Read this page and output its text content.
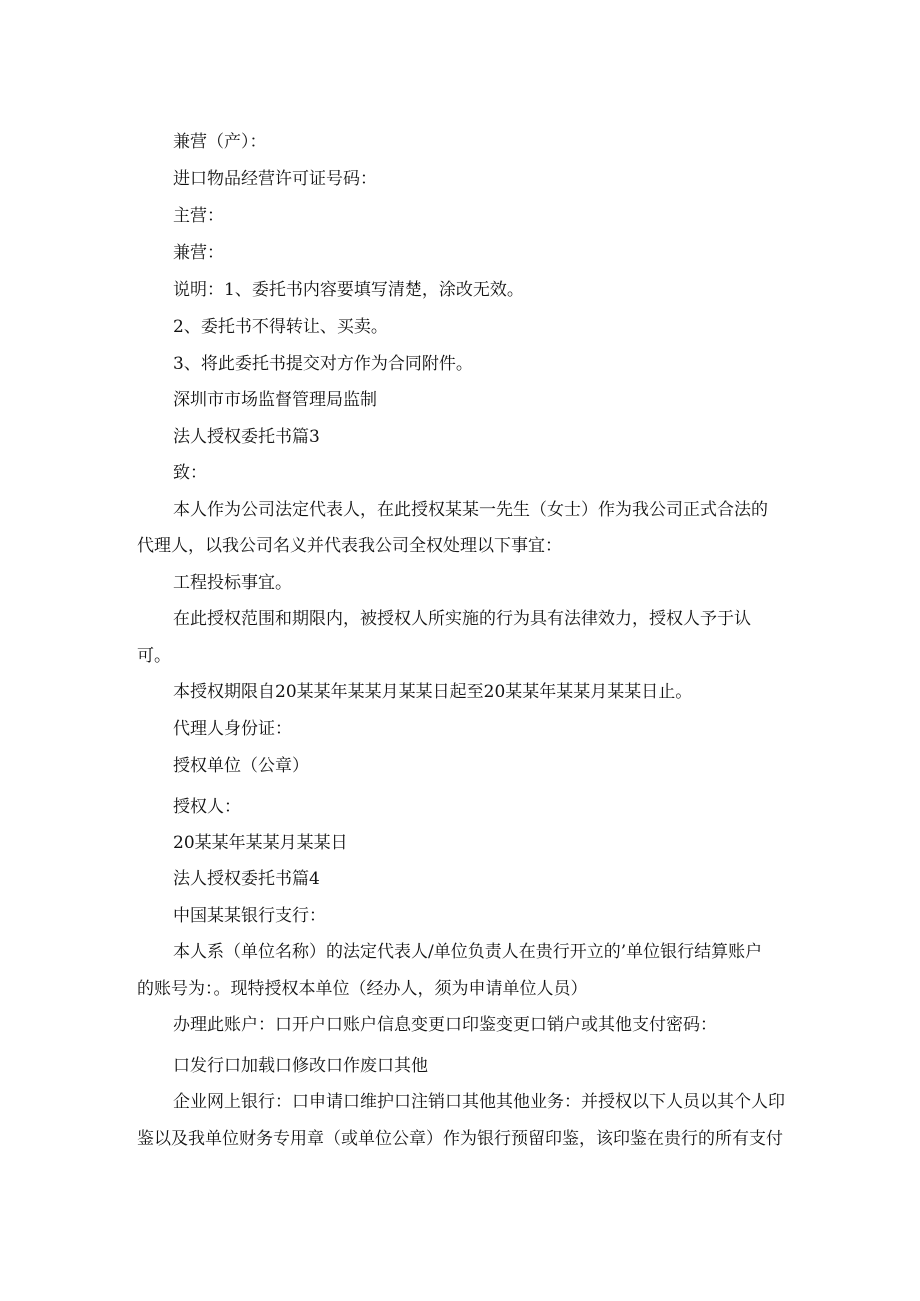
兼营（产）：
进口物品经营许可证号码：
主营：
兼营：
说明：1、委托书内容要填写清楚，涂改无效。
2、委托书不得转让、买卖。
3、将此委托书提交对方作为合同附件。
深圳市市场监督管理局监制
法人授权委托书篇3
致：
本人作为公司法定代表人，在此授权某某一先生（女士）作为我公司正式合法的
代理人，以我公司名义并代表我公司全权处理以下事宜：
工程投标事宜。
在此授权范围和期限内，被授权人所实施的行为具有法律效力，授权人予于认
可。
本授权期限自20某某年某某月某某日起至20某某年某某月某某日止。
代理人身份证：
授权单位（公章）
授权人：
20某某年某某月某某日
法人授权委托书篇4
中国某某银行支行：
本人系（单位名称）的法定代表人/单位负责人在贵行开立的’单位银行结算账户
的账号为：。现特授权本单位（经办人，须为申请单位人员）
办理此账户：口开户口账户信息变更口印鉴变更口销户或其他支付密码：
口发行口加载口修改口作废口其他
企业网上银行：口申请口维护口注销口其他其他业务：并授权以下人员以其个人印
鉴以及我单位财务专用章（或单位公章）作为银行预留印鉴，该印鉴在贵行的所有支付
